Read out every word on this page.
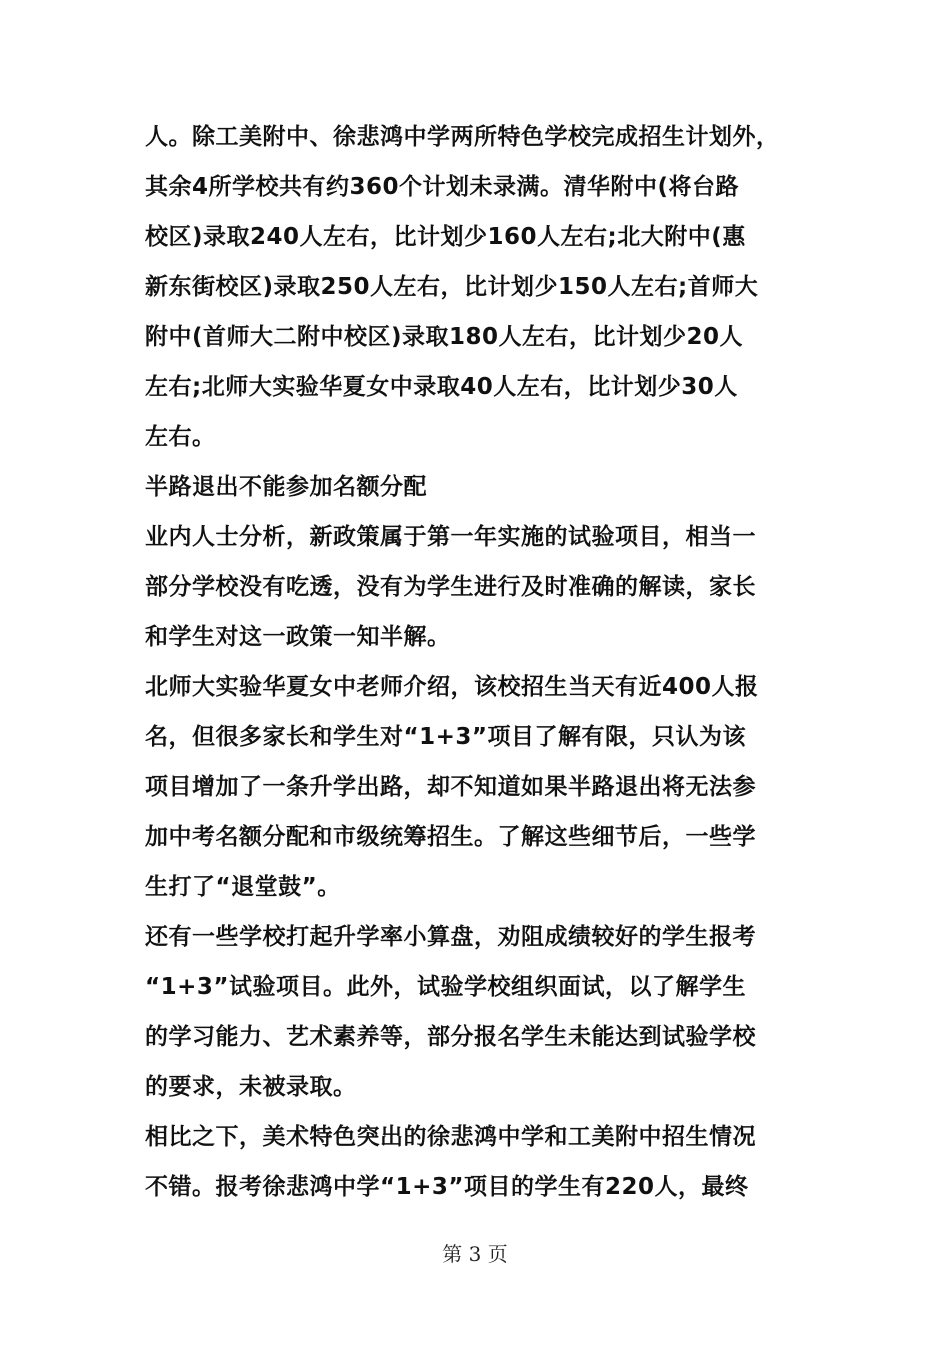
人。除工美附中、徐悲鸿中学两所特色学校完成招生计划外，
其余4所学校共有约360个计划未录满。清华附中(将台路
校区)录取240人左右，比计划少160人左右;北大附中(惠
新东街校区)录取250人左右，比计划少150人左右;首师大
附中(首师大二附中校区)录取180人左右，比计划少20人
左右;北师大实验华夏女中录取40人左右，比计划少30人
左右。
半路退出不能参加名额分配
业内人士分析，新政策属于第一年实施的试验项目，相当一
部分学校没有吃透，没有为学生进行及时准确的解读，家长
和学生对这一政策一知半解。
北师大实验华夏女中老师介绍，该校招生当天有近400人报
名，但很多家长和学生对“1+3”项目了解有限，只认为该
项目增加了一条升学出路，却不知道如果半路退出将无法参
加中考名额分配和市级统筹招生。了解这些细节后，一些学
生打了“退堂鼓”。
还有一些学校打起升学率小算盘，劝阻成绩较好的学生报考
“1+3”试验项目。此外，试验学校组织面试，以了解学生
的学习能力、艺术素养等，部分报名学生未能达到试验学校
的要求，未被录取。
相比之下，美术特色突出的徐悲鸿中学和工美附中招生情况
不错。报考徐悲鸿中学“1+3”项目的学生有220人，最终
第 3 页
